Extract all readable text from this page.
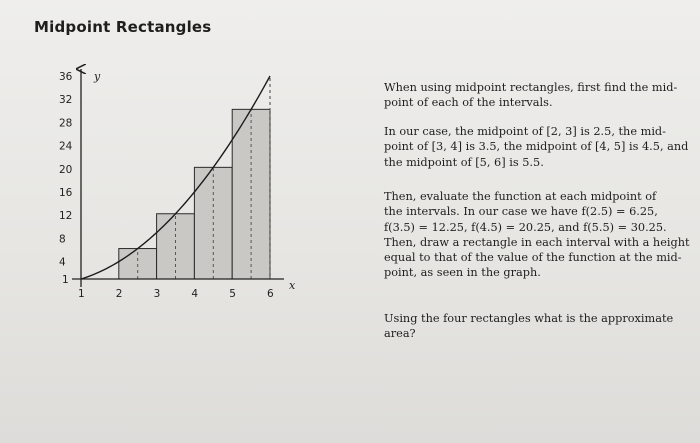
Midpoint Rectangles
1
4
8
12
16
20
24
28
32
36
1	2	3	4	5	6
x
y
When using midpoint rectangles, first find the mid-
point of each of the intervals.
In our case, the midpoint of [2, 3] is 2.5, the mid-
point of [3, 4] is 3.5, the midpoint of [4, 5] is 4.5, and
the midpoint of [5, 6] is 5.5.
Then, evaluate the function at each midpoint of
the intervals. In our case we have f(2.5) = 6.25,
f(3.5) = 12.25, f(4.5) = 20.25, and f(5.5) = 30.25.
Then, draw a rectangle in each interval with a height
equal to that of the value of the function at the mid-
point, as seen in the graph.
Using the four rectangles what is the approximate
area?
